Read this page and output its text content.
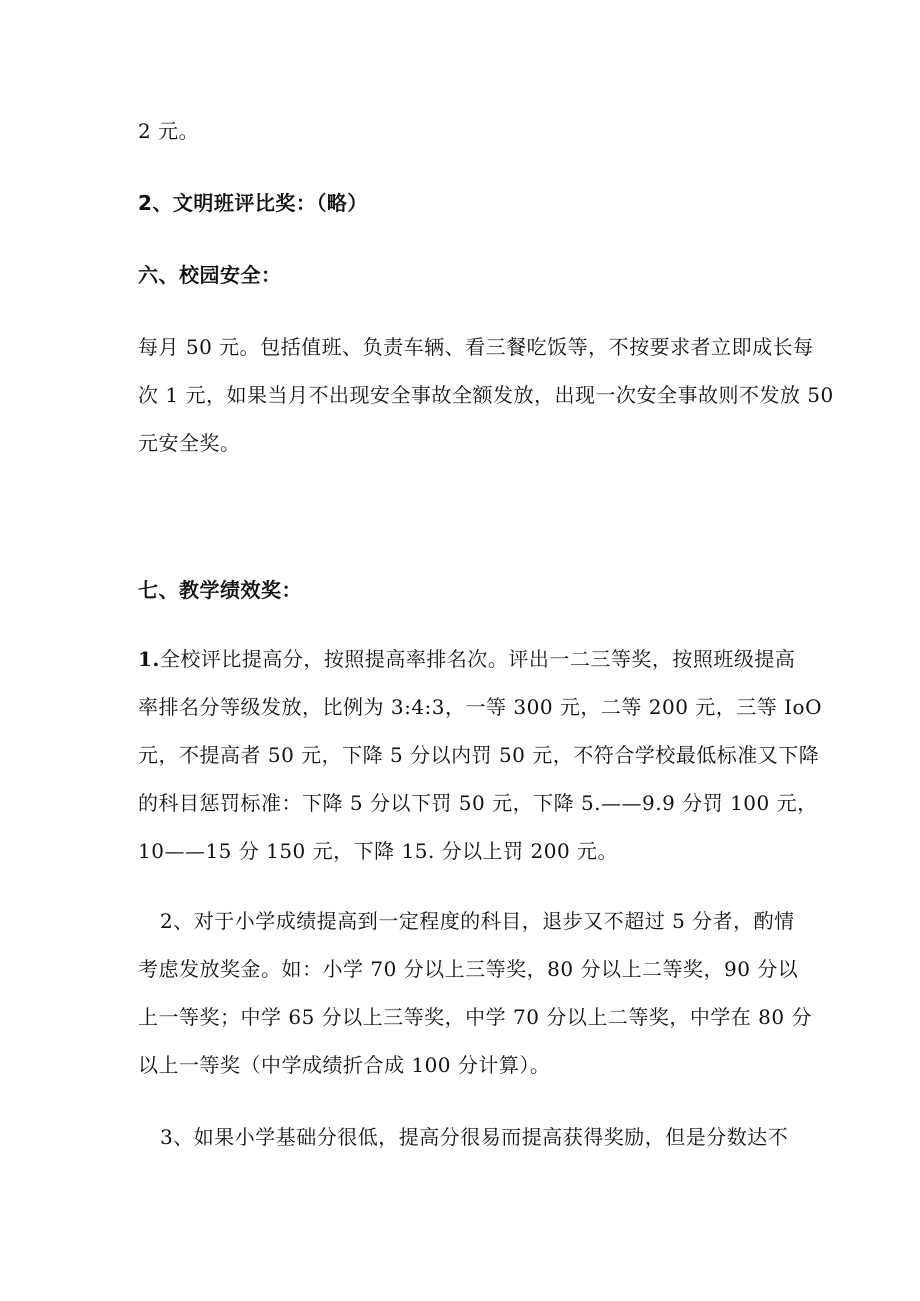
2 元。
2、文明班评比奖：（略）
六、校园安全：
每月 50 元。包括值班、负责车辆、看三餐吃饭等，不按要求者立即成长每
次 1 元，如果当月不出现安全事故全额发放，出现一次安全事故则不发放 50
元安全奖。
七、教学绩效奖：
1.全校评比提高分，按照提高率排名次。评出一二三等奖，按照班级提高
率排名分等级发放，比例为 3:4:3，一等 300 元，二等 200 元，三等 IoO
元，不提高者 50 元，下降 5 分以内罚 50 元，不符合学校最低标准又下降
的科目惩罚标准：下降 5 分以下罚 50 元，下降 5.——9.9 分罚 100 元，
10——15 分 150 元，下降 15. 分以上罚 200 元。
2、对于小学成绩提高到一定程度的科目，退步又不超过 5 分者，酌情
考虑发放奖金。如：小学 70 分以上三等奖，80 分以上二等奖，90 分以
上一等奖；中学 65 分以上三等奖，中学 70 分以上二等奖，中学在 80 分
以上一等奖（中学成绩折合成 100 分计算）。
3、如果小学基础分很低，提高分很易而提高获得奖励，但是分数达不
